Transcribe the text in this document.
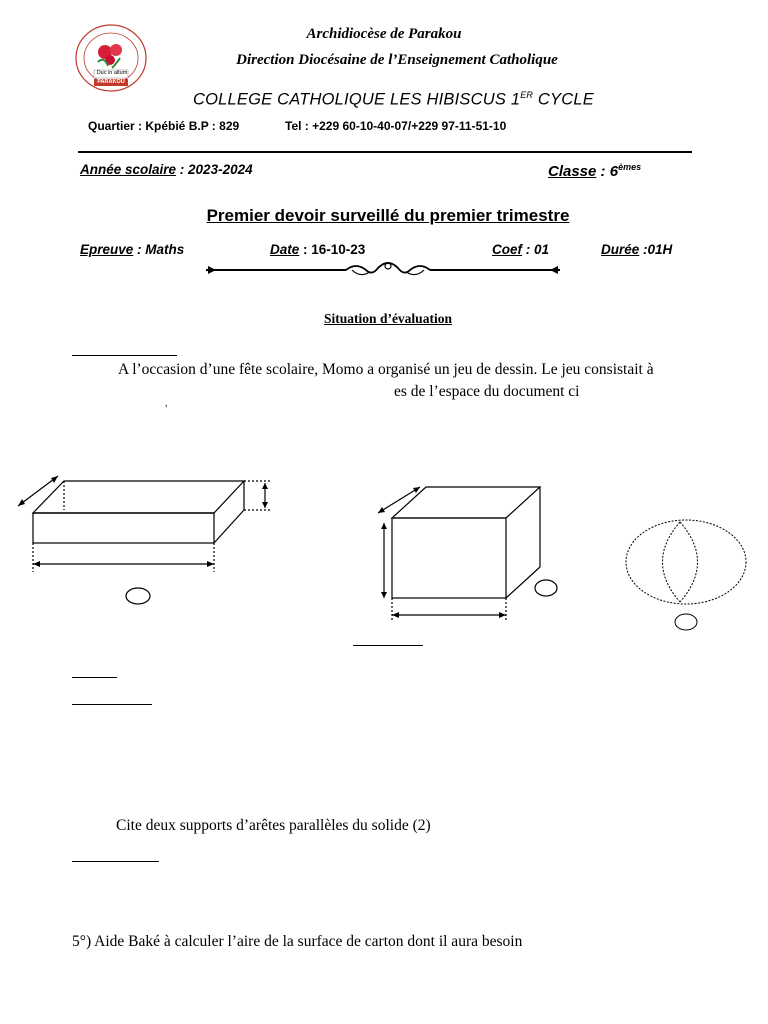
Duc in altum
PARAKOU
Archidiocèse de Parakou
Direction Diocésaine de l’Enseignement Catholique
COLLEGE CATHOLIQUE LES HIBISCUS 1ER CYCLE
Quartier : Kpébié B.P : 829	Tel : +229 60-10-40-07/+229 97-11-51-10
Année scolaire : 2023-2024	Classe : 6èmes
Premier devoir surveillé du premier trimestre
Epreuve : Maths	Date : 16-10-23	Coef : 01	Durée :01H
Situation d’évaluation
A l’occasion d’une fête scolaire, Momo a organisé un jeu de dessin. Le jeu consistait à
es de l’espace du document ci
,
Cite deux supports d’arêtes parallèles du solide (2)
5°) Aide Baké à calculer l’aire de la surface de carton dont il aura besoin
